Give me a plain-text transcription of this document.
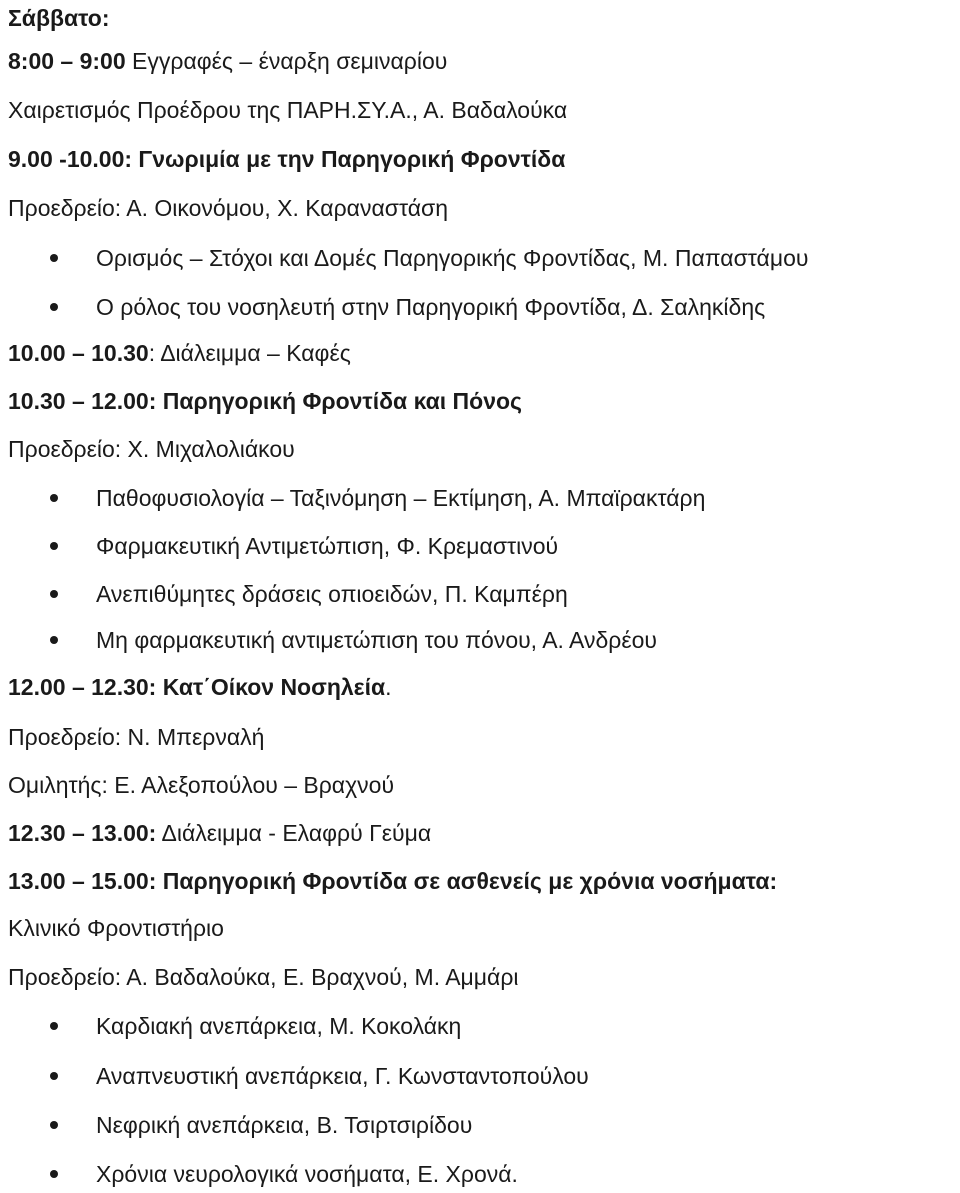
Σάββατο:
8:00 – 9:00 Εγγραφές – έναρξη σεμιναρίου
Χαιρετισμός Προέδρου της ΠΑΡΗ.ΣΥ.Α., Α. Βαδαλούκα
9.00 -10.00: Γνωριμία με την Παρηγορική Φροντίδα
Προεδρείο: Α. Οικονόμου, Χ. Καραναστάση
Ορισμός – Στόχοι και Δομές Παρηγορικής Φροντίδας, Μ. Παπαστάμου
Ο ρόλος του νοσηλευτή στην Παρηγορική Φροντίδα, Δ. Σαληκίδης
10.00 – 10.30: Διάλειμμα – Καφές
10.30 – 12.00: Παρηγορική Φροντίδα και Πόνος
Προεδρείο: Χ. Μιχαλολιάκου
Παθοφυσιολογία – Ταξινόμηση – Εκτίμηση, Α. Μπαϊρακτάρη
Φαρμακευτική Αντιμετώπιση, Φ. Κρεμαστινού
Ανεπιθύμητες δράσεις οπιοειδών, Π. Καμπέρη
Μη φαρμακευτική αντιμετώπιση του πόνου, Α. Ανδρέου
12.00 – 12.30: Κατ΄Οίκον Νοσηλεία.
Προεδρείο: Ν. Μπερναλή
Ομιλητής: Ε. Αλεξοπούλου – Βραχνού
12.30 – 13.00: Διάλειμμα - Ελαφρύ Γεύμα
13.00 – 15.00: Παρηγορική Φροντίδα σε ασθενείς με χρόνια νοσήματα:
Κλινικό Φροντιστήριο
Προεδρείο: Α. Βαδαλούκα, Ε. Βραχνού, Μ. Αμμάρι
Καρδιακή ανεπάρκεια, Μ. Κοκολάκη
Αναπνευστική ανεπάρκεια, Γ. Κωνσταντοπούλου
Νεφρική ανεπάρκεια, Β. Τσιρτσιρίδου
Χρόνια νευρολογικά νοσήματα, Ε. Χρονά.
